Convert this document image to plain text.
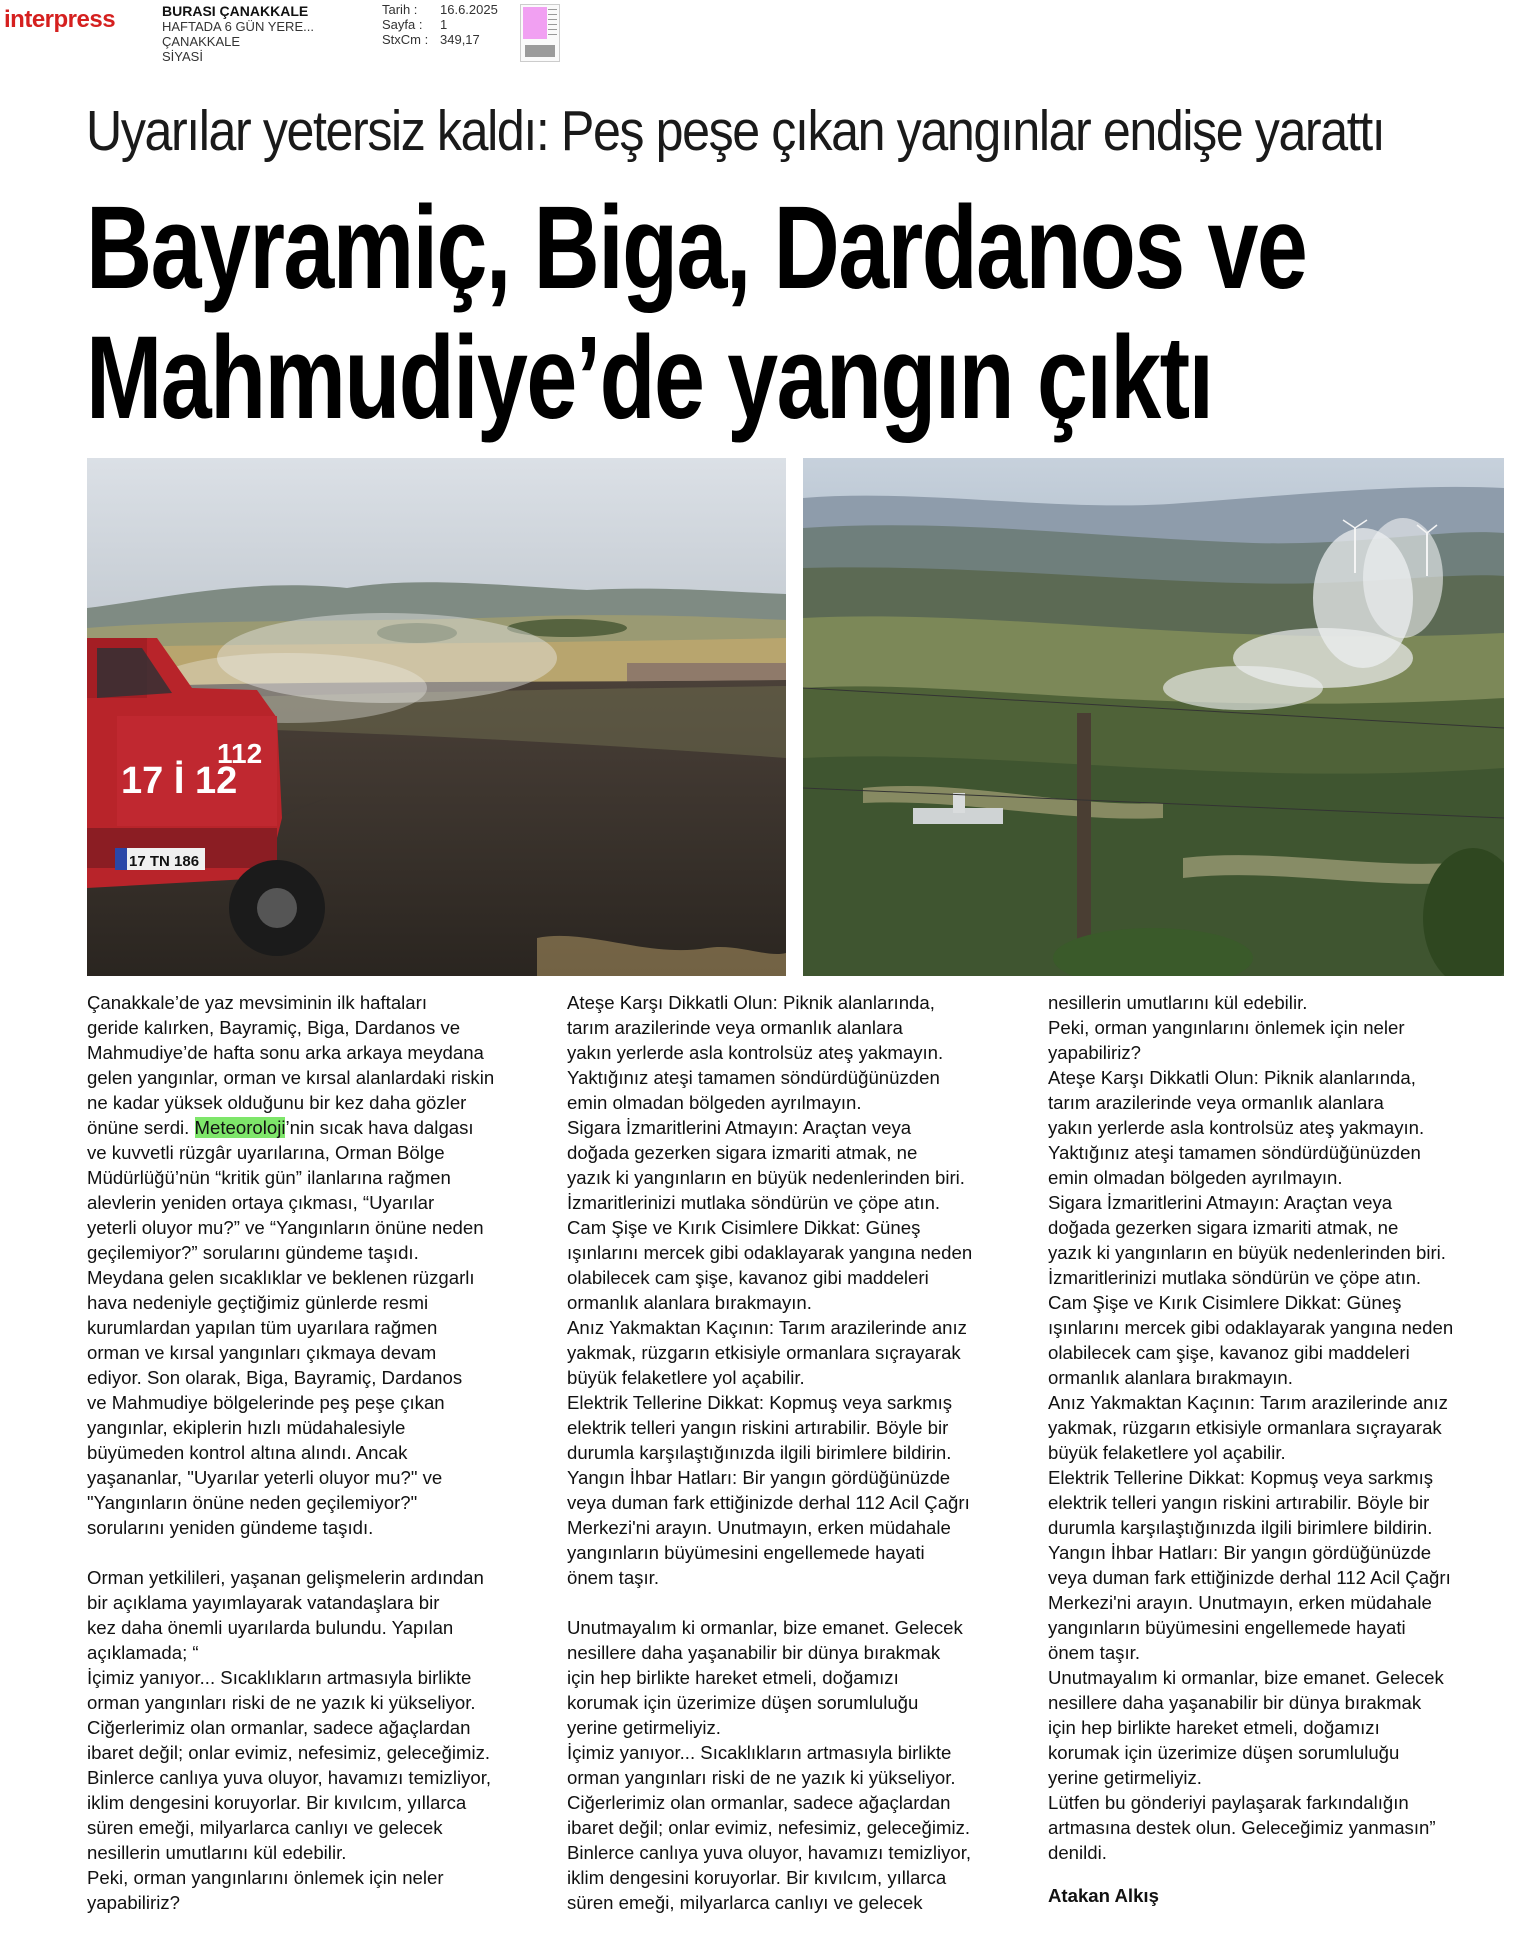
interpress	BURASI ÇANAKKALE
HAFTADA 6 GÜN YERE...
ÇANAKKALE
SİYASİ
Tarih :	16.6.2025
Sayfa :	1
StxCm : 349,17
Uyarılar yetersiz kaldı: Peş peşe çıkan yangınlar endişe yarattı
Bayramiç, Biga, Dardanos ve
Mahmudiye’de yangın çıktı
17 İ 12
112
17 TN 186

Çanakkale’de yaz mevsiminin ilk haftaları
geride kalırken, Bayramiç, Biga, Dardanos ve
Mahmudiye’de hafta sonu arka arkaya meydana
gelen yangınlar, orman ve kırsal alanlardaki riskin
ne kadar yüksek olduğunu bir kez daha gözler
önüne serdi. Meteoroloji’nin sıcak hava dalgası
ve kuvvetli rüzgâr uyarılarına, Orman Bölge
Müdürlüğü’nün “kritik gün” ilanlarına rağmen
alevlerin yeniden ortaya çıkması, “Uyarılar
yeterli oluyor mu?” ve “Yangınların önüne neden
geçilemiyor?” sorularını gündeme taşıdı.
Meydana gelen sıcaklıklar ve beklenen rüzgarlı
hava nedeniyle geçtiğimiz günlerde resmi
kurumlardan yapılan tüm uyarılara rağmen
orman ve kırsal yangınları çıkmaya devam
ediyor. Son olarak, Biga, Bayramiç, Dardanos
ve Mahmudiye bölgelerinde peş peşe çıkan
yangınlar, ekiplerin hızlı müdahalesiyle
büyümeden kontrol altına alındı. Ancak
yaşananlar, "Uyarılar yeterli oluyor mu?" ve
"Yangınların önüne neden geçilemiyor?"
sorularını yeniden gündeme taşıdı.

Orman yetkilileri, yaşanan gelişmelerin ardından
bir açıklama yayımlayarak vatandaşlara bir
kez daha önemli uyarılarda bulundu. Yapılan
açıklamada; “
İçimiz yanıyor... Sıcaklıkların artmasıyla birlikte
orman yangınları riski de ne yazık ki yükseliyor.
Ciğerlerimiz olan ormanlar, sadece ağaçlardan
ibaret değil; onlar evimiz, nefesimiz, geleceğimiz.
Binlerce canlıya yuva oluyor, havamızı temizliyor,
iklim dengesini koruyorlar. Bir kıvılcım, yıllarca
süren emeği, milyarlarca canlıyı ve gelecek
nesillerin umutlarını kül edebilir.
Peki, orman yangınlarını önlemek için neler
yapabiliriz?

Ateşe Karşı Dikkatli Olun: Piknik alanlarında,
tarım arazilerinde veya ormanlık alanlara
yakın yerlerde asla kontrolsüz ateş yakmayın.
Yaktığınız ateşi tamamen söndürdüğünüzden
emin olmadan bölgeden ayrılmayın.
Sigara İzmaritlerini Atmayın: Araçtan veya
doğada gezerken sigara izmariti atmak, ne
yazık ki yangınların en büyük nedenlerinden biri.
İzmaritlerinizi mutlaka söndürün ve çöpe atın.
Cam Şişe ve Kırık Cisimlere Dikkat: Güneş
ışınlarını mercek gibi odaklayarak yangına neden
olabilecek cam şişe, kavanoz gibi maddeleri
ormanlık alanlara bırakmayın.
Anız Yakmaktan Kaçının: Tarım arazilerinde anız
yakmak, rüzgarın etkisiyle ormanlara sıçrayarak
büyük felaketlere yol açabilir.
Elektrik Tellerine Dikkat: Kopmuş veya sarkmış
elektrik telleri yangın riskini artırabilir. Böyle bir
durumla karşılaştığınızda ilgili birimlere bildirin.
Yangın İhbar Hatları: Bir yangın gördüğünüzde
veya duman fark ettiğinizde derhal 112 Acil Çağrı
Merkezi'ni arayın. Unutmayın, erken müdahale
yangınların büyümesini engellemede hayati
önem taşır.

Unutmayalım ki ormanlar, bize emanet. Gelecek
nesillere daha yaşanabilir bir dünya bırakmak
için hep birlikte hareket etmeli, doğamızı
korumak için üzerimize düşen sorumluluğu
yerine getirmeliyiz.
İçimiz yanıyor... Sıcaklıkların artmasıyla birlikte
orman yangınları riski de ne yazık ki yükseliyor.
Ciğerlerimiz olan ormanlar, sadece ağaçlardan
ibaret değil; onlar evimiz, nefesimiz, geleceğimiz.
Binlerce canlıya yuva oluyor, havamızı temizliyor,
iklim dengesini koruyorlar. Bir kıvılcım, yıllarca
süren emeği, milyarlarca canlıyı ve gelecek

nesillerin umutlarını kül edebilir.
Peki, orman yangınlarını önlemek için neler
yapabiliriz?
Ateşe Karşı Dikkatli Olun: Piknik alanlarında,
tarım arazilerinde veya ormanlık alanlara
yakın yerlerde asla kontrolsüz ateş yakmayın.
Yaktığınız ateşi tamamen söndürdüğünüzden
emin olmadan bölgeden ayrılmayın.
Sigara İzmaritlerini Atmayın: Araçtan veya
doğada gezerken sigara izmariti atmak, ne
yazık ki yangınların en büyük nedenlerinden biri.
İzmaritlerinizi mutlaka söndürün ve çöpe atın.
Cam Şişe ve Kırık Cisimlere Dikkat: Güneş
ışınlarını mercek gibi odaklayarak yangına neden
olabilecek cam şişe, kavanoz gibi maddeleri
ormanlık alanlara bırakmayın.
Anız Yakmaktan Kaçının: Tarım arazilerinde anız
yakmak, rüzgarın etkisiyle ormanlara sıçrayarak
büyük felaketlere yol açabilir.
Elektrik Tellerine Dikkat: Kopmuş veya sarkmış
elektrik telleri yangın riskini artırabilir. Böyle bir
durumla karşılaştığınızda ilgili birimlere bildirin.
Yangın İhbar Hatları: Bir yangın gördüğünüzde
veya duman fark ettiğinizde derhal 112 Acil Çağrı
Merkezi'ni arayın. Unutmayın, erken müdahale
yangınların büyümesini engellemede hayati
önem taşır.
Unutmayalım ki ormanlar, bize emanet. Gelecek
nesillere daha yaşanabilir bir dünya bırakmak
için hep birlikte hareket etmeli, doğamızı
korumak için üzerimize düşen sorumluluğu
yerine getirmeliyiz.
Lütfen bu gönderiyi paylaşarak farkındalığın
artmasına destek olun. Geleceğimiz yanmasın”
denildi.

Atakan Alkış
